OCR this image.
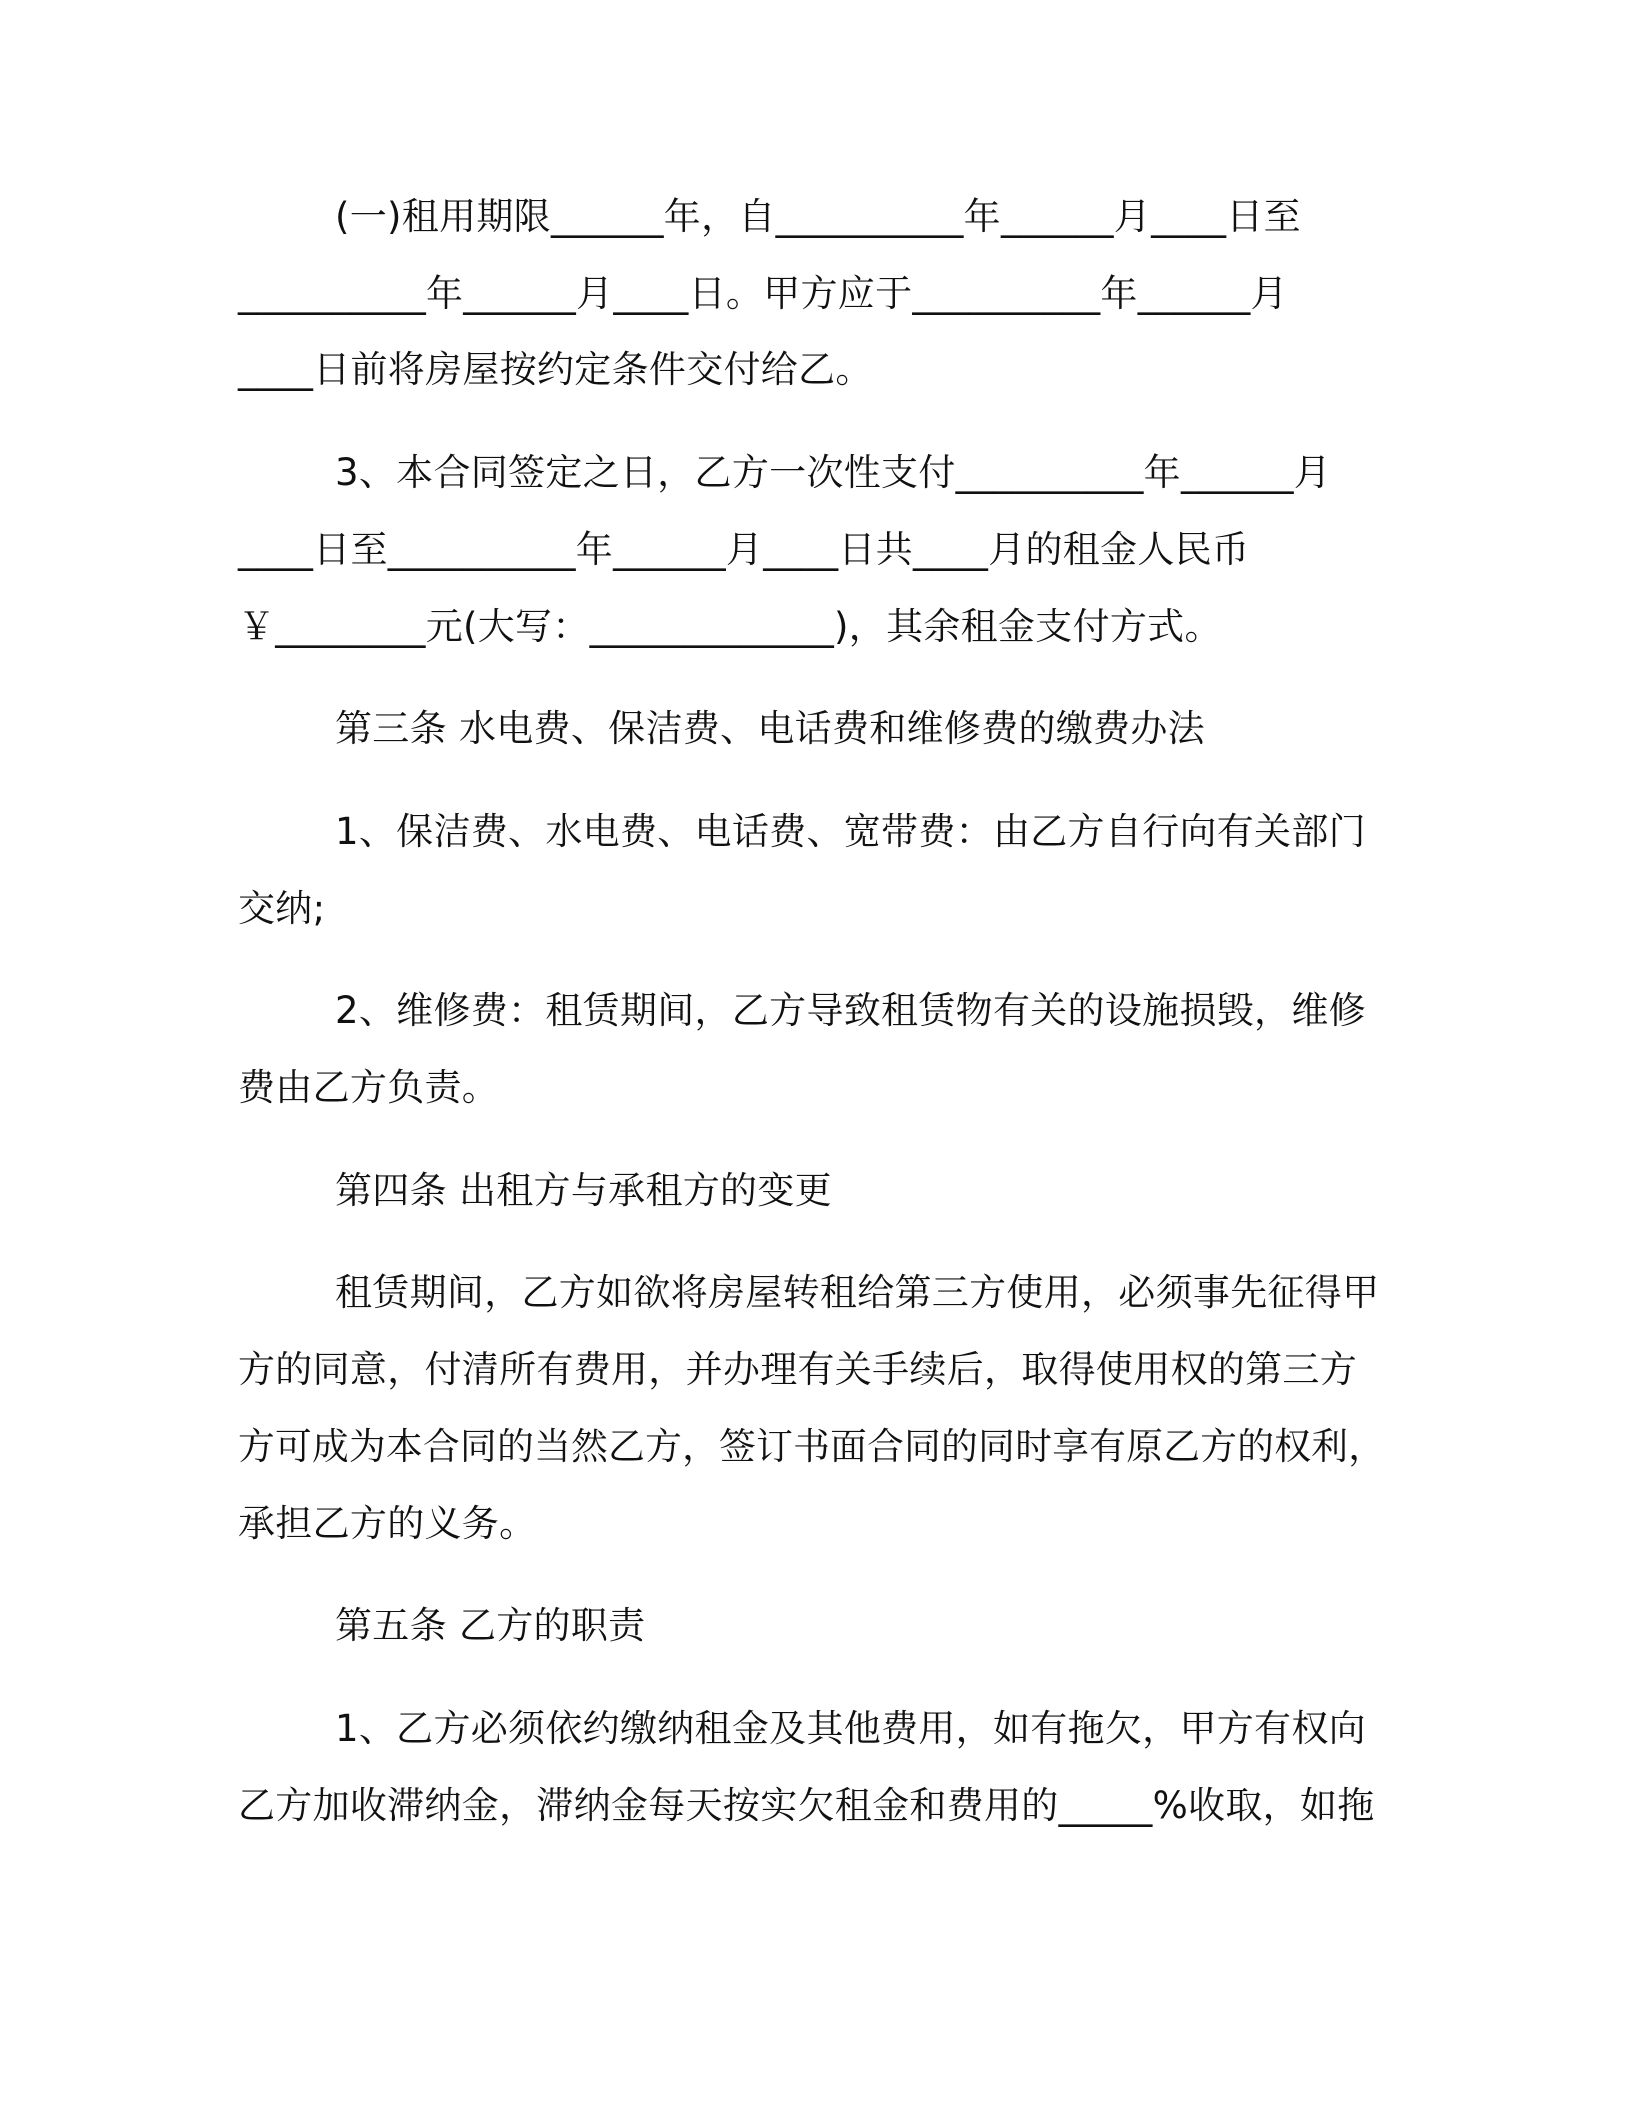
(一)租用期限______年，自__________年______月____日至
__________年______月____日。甲方应于__________年______月
____日前将房屋按约定条件交付给乙。
3、本合同签定之日，乙方一次性支付__________年______月
____日至__________年______月____日共____月的租金人民币
￥________元(大写：_____________)，其余租金支付方式。
第三条 水电费、保洁费、电话费和维修费的缴费办法
1、保洁费、水电费、电话费、宽带费：由乙方自行向有关部门
交纳;
2、维修费：租赁期间，乙方导致租赁物有关的设施损毁，维修
费由乙方负责。
第四条 出租方与承租方的变更
租赁期间，乙方如欲将房屋转租给第三方使用，必须事先征得甲
方的同意，付清所有费用，并办理有关手续后，取得使用权的第三方
方可成为本合同的当然乙方，签订书面合同的同时享有原乙方的权利，
承担乙方的义务。
第五条 乙方的职责
1、乙方必须依约缴纳租金及其他费用，如有拖欠，甲方有权向
乙方加收滞纳金，滞纳金每天按实欠租金和费用的_____%收取，如拖
